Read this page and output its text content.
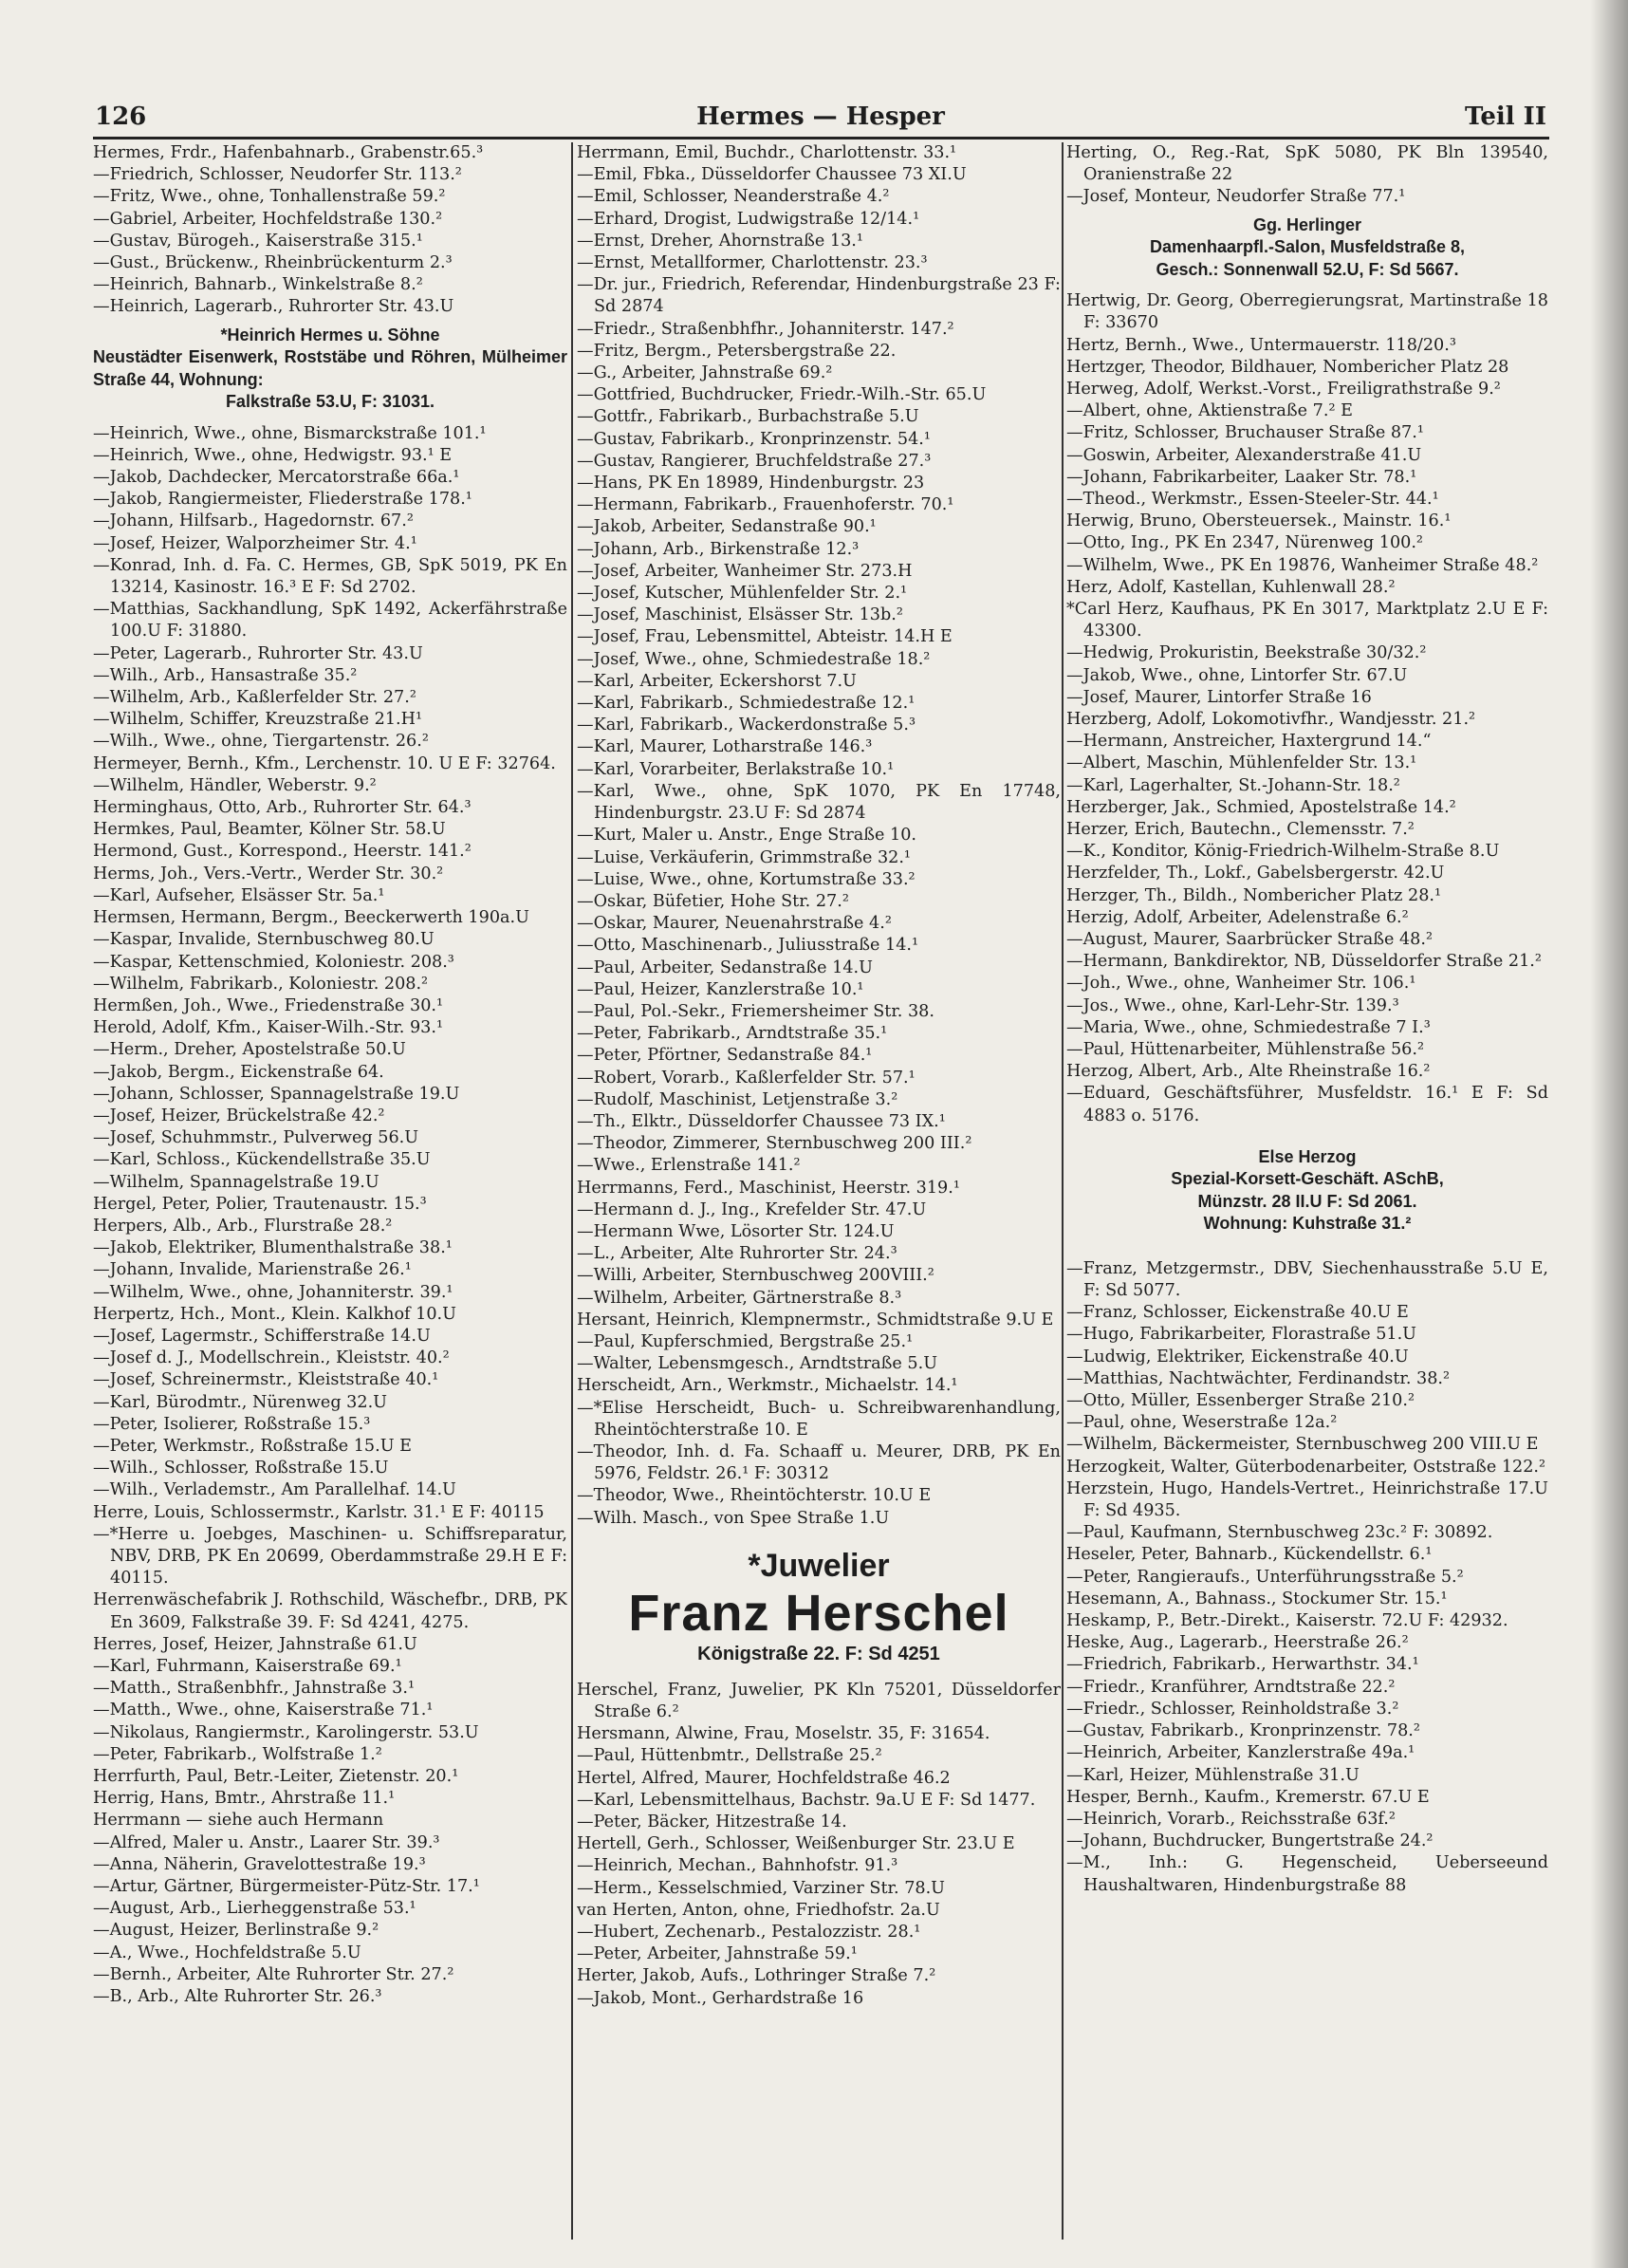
126	Hermes — Hesper	Teil II

Hermes, Frdr., Hafenbahnarb., Grabenstr.65.³

—Friedrich, Schlosser, Neudorfer Str. 113.²

—Fritz, Wwe., ohne, Tonhallenstraße 59.²

—Gabriel, Arbeiter, Hochfeldstraße 130.²

—Gustav, Bürogeh., Kaiserstraße 315.¹

—Gust., Brückenw., Rheinbrückenturm 2.³

—Heinrich, Bahnarb., Winkelstraße 8.²

—Heinrich, Lagerarb., Ruhrorter Str. 43.U

*Heinrich Hermes u. Söhne

Neustädter Eisenwerk, Roststäbe und Röhren, Mülheimer Straße 44, Wohnung:

Falkstraße 53.U, F: 31031.

—Heinrich, Wwe., ohne, Bismarckstraße 101.¹

—Heinrich, Wwe., ohne, Hedwigstr. 93.¹ E

—Jakob, Dachdecker, Mercatorstraße 66a.¹

—Jakob, Rangiermeister, Fliederstraße 178.¹

—Johann, Hilfsarb., Hagedornstr. 67.²

—Josef, Heizer, Walporzheimer Str. 4.¹

—Konrad, Inh. d. Fa. C. Hermes, GB, SpK 5019, PK En 13214, Kasinostr. 16.³ E F: Sd 2702.

—Matthias, Sackhandlung, SpK 1492, Ackerfährstraße 100.U F: 31880.

—Peter, Lagerarb., Ruhrorter Str. 43.U

—Wilh., Arb., Hansastraße 35.²

—Wilhelm, Arb., Kaßlerfelder Str. 27.²

—Wilhelm, Schiffer, Kreuzstraße 21.H¹

—Wilh., Wwe., ohne, Tiergartenstr. 26.²

Hermeyer, Bernh., Kfm., Lerchenstr. 10. U E F: 32764.

—Wilhelm, Händler, Weberstr. 9.²

Herminghaus, Otto, Arb., Ruhrorter Str. 64.³

Hermkes, Paul, Beamter, Kölner Str. 58.U

Hermond, Gust., Korrespond., Heerstr. 141.²

Herms, Joh., Vers.-Vertr., Werder Str. 30.²

—Karl, Aufseher, Elsässer Str. 5a.¹

Hermsen, Hermann, Bergm., Beeckerwerth 190a.U

—Kaspar, Invalide, Sternbuschweg 80.U

—Kaspar, Kettenschmied, Koloniestr. 208.³

—Wilhelm, Fabrikarb., Koloniestr. 208.²

Hermßen, Joh., Wwe., Friedenstraße 30.¹

Herold, Adolf, Kfm., Kaiser-Wilh.-Str. 93.¹

—Herm., Dreher, Apostelstraße 50.U

—Jakob, Bergm., Eickenstraße 64.

—Johann, Schlosser, Spannagelstraße 19.U

—Josef, Heizer, Brückelstraße 42.²

—Josef, Schuhmmstr., Pulverweg 56.U

—Karl, Schloss., Kückendellstraße 35.U

—Wilhelm, Spannagelstraße 19.U

Hergel, Peter, Polier, Trautenaustr. 15.³

Herpers, Alb., Arb., Flurstraße 28.²

—Jakob, Elektriker, Blumenthalstraße 38.¹

—Johann, Invalide, Marienstraße 26.¹

—Wilhelm, Wwe., ohne, Johanniterstr. 39.¹

Herpertz, Hch., Mont., Klein. Kalkhof 10.U

—Josef, Lagermstr., Schifferstraße 14.U

—Josef d. J., Modellschrein., Kleiststr. 40.²

—Josef, Schreinermstr., Kleiststraße 40.¹

—Karl, Bürodmtr., Nürenweg 32.U

—Peter, Isolierer, Roßstraße 15.³

—Peter, Werkmstr., Roßstraße 15.U E

—Wilh., Schlosser, Roßstraße 15.U

—Wilh., Verlademstr., Am Parallelhaf. 14.U

Herre, Louis, Schlossermstr., Karlstr. 31.¹ E F: 40115

—*Herre u. Joebges, Maschinen- u. Schiffsreparatur, NBV, DRB, PK En 20699, Oberdammstraße 29.H E F: 40115.

Herrenwäschefabrik J. Rothschild, Wäschefbr., DRB, PK En 3609, Falkstraße 39. F: Sd 4241, 4275.

Herres, Josef, Heizer, Jahnstraße 61.U

—Karl, Fuhrmann, Kaiserstraße 69.¹

—Matth., Straßenbhfr., Jahnstraße 3.¹

—Matth., Wwe., ohne, Kaiserstraße 71.¹

—Nikolaus, Rangiermstr., Karolingerstr. 53.U

—Peter, Fabrikarb., Wolfstraße 1.²

Herrfurth, Paul, Betr.-Leiter, Zietenstr. 20.¹

Herrig, Hans, Bmtr., Ahrstraße 11.¹

Herrmann — siehe auch Hermann

—Alfred, Maler u. Anstr., Laarer Str. 39.³

—Anna, Näherin, Gravelottestraße 19.³

—Artur, Gärtner, Bürgermeister-Pütz-Str. 17.¹

—August, Arb., Lierheggenstraße 53.¹

—August, Heizer, Berlinstraße 9.²

—A., Wwe., Hochfeldstraße 5.U

—Bernh., Arbeiter, Alte Ruhrorter Str. 27.²

—B., Arb., Alte Ruhrorter Str. 26.³

Herrmann, Emil, Buchdr., Charlottenstr. 33.¹

—Emil, Fbka., Düsseldorfer Chaussee 73 XI.U

—Emil, Schlosser, Neanderstraße 4.²

—Erhard, Drogist, Ludwigstraße 12/14.¹

—Ernst, Dreher, Ahornstraße 13.¹

—Ernst, Metallformer, Charlottenstr. 23.³

—Dr. jur., Friedrich, Referendar, Hindenburgstraße 23 F: Sd 2874

—Friedr., Straßenbhfhr., Johanniterstr. 147.²

—Fritz, Bergm., Petersbergstraße 22.

—G., Arbeiter, Jahnstraße 69.²

—Gottfried, Buchdrucker, Friedr.-Wilh.-Str. 65.U

—Gottfr., Fabrikarb., Burbachstraße 5.U

—Gustav, Fabrikarb., Kronprinzenstr. 54.¹

—Gustav, Rangierer, Bruchfeldstraße 27.³

—Hans, PK En 18989, Hindenburgstr. 23

—Hermann, Fabrikarb., Frauenhoferstr. 70.¹

—Jakob, Arbeiter, Sedanstraße 90.¹

—Johann, Arb., Birkenstraße 12.³

—Josef, Arbeiter, Wanheimer Str. 273.H

—Josef, Kutscher, Mühlenfelder Str. 2.¹

—Josef, Maschinist, Elsässer Str. 13b.²

—Josef, Frau, Lebensmittel, Abteistr. 14.H E

—Josef, Wwe., ohne, Schmiedestraße 18.²

—Karl, Arbeiter, Eckershorst 7.U

—Karl, Fabrikarb., Schmiedestraße 12.¹

—Karl, Fabrikarb., Wackerdonstraße 5.³

—Karl, Maurer, Lotharstraße 146.³

—Karl, Vorarbeiter, Berlakstraße 10.¹

—Karl, Wwe., ohne, SpK 1070, PK En 17748, Hindenburgstr. 23.U F: Sd 2874

—Kurt, Maler u. Anstr., Enge Straße 10.

—Luise, Verkäuferin, Grimmstraße 32.¹

—Luise, Wwe., ohne, Kortumstraße 33.²

—Oskar, Büfetier, Hohe Str. 27.²

—Oskar, Maurer, Neuenahrstraße 4.²

—Otto, Maschinenarb., Juliusstraße 14.¹

—Paul, Arbeiter, Sedanstraße 14.U

—Paul, Heizer, Kanzlerstraße 10.¹

—Paul, Pol.-Sekr., Friemersheimer Str. 38.

—Peter, Fabrikarb., Arndtstraße 35.¹

—Peter, Pförtner, Sedanstraße 84.¹

—Robert, Vorarb., Kaßlerfelder Str. 57.¹

—Rudolf, Maschinist, Letjenstraße 3.²

—Th., Elktr., Düsseldorfer Chaussee 73 IX.¹

—Theodor, Zimmerer, Sternbuschweg 200 III.²

—Wwe., Erlenstraße 141.²

Herrmanns, Ferd., Maschinist, Heerstr. 319.¹

—Hermann d. J., Ing., Krefelder Str. 47.U

—Hermann Wwe, Lösorter Str. 124.U

—L., Arbeiter, Alte Ruhrorter Str. 24.³

—Willi, Arbeiter, Sternbuschweg 200VIII.²

—Wilhelm, Arbeiter, Gärtnerstraße 8.³

Hersant, Heinrich, Klempnermstr., Schmidtstraße 9.U E

—Paul, Kupferschmied, Bergstraße 25.¹

—Walter, Lebensmgesch., Arndtstraße 5.U

Herscheidt, Arn., Werkmstr., Michaelstr. 14.¹

—*Elise Herscheidt, Buch- u. Schreibwarenhandlung, Rheintöchterstraße 10. E

—Theodor, Inh. d. Fa. Schaaff u. Meurer, DRB, PK En 5976, Feldstr. 26.¹ F: 30312

—Theodor, Wwe., Rheintöchterstr. 10.U E

—Wilh. Masch., von Spee Straße 1.U

*Juwelier
Franz Herschel
Königstraße 22. F: Sd 4251

Herschel, Franz, Juwelier, PK Kln 75201, Düsseldorfer Straße 6.²

Hersmann, Alwine, Frau, Moselstr. 35, F: 31654.

—Paul, Hüttenbmtr., Dellstraße 25.²

Hertel, Alfred, Maurer, Hochfeldstraße 46.2

—Karl, Lebensmittelhaus, Bachstr. 9a.U E F: Sd 1477.

—Peter, Bäcker, Hitzestraße 14.

Hertell, Gerh., Schlosser, Weißenburger Str. 23.U E

—Heinrich, Mechan., Bahnhofstr. 91.³

—Herm., Kesselschmied, Varziner Str. 78.U

van Herten, Anton, ohne, Friedhofstr. 2a.U

—Hubert, Zechenarb., Pestalozzistr. 28.¹

—Peter, Arbeiter, Jahnstraße 59.¹

Herter, Jakob, Aufs., Lothringer Straße 7.²

—Jakob, Mont., Gerhardstraße 16

Herting, O., Reg.-Rat, SpK 5080, PK Bln 139540, Oranienstraße 22

—Josef, Monteur, Neudorfer Straße 77.¹

Gg. Herlinger

Damenhaarpfl.-Salon, Musfeldstraße 8,

Gesch.: Sonnenwall 52.U, F: Sd 5667.

Hertwig, Dr. Georg, Oberregierungsrat, Martinstraße 18 F: 33670

Hertz, Bernh., Wwe., Untermauerstr. 118/20.³

Hertzger, Theodor, Bildhauer, Nombericher Platz 28

Herweg, Adolf, Werkst.-Vorst., Freiligrathstraße 9.²

—Albert, ohne, Aktienstraße 7.² E

—Fritz, Schlosser, Bruchauser Straße 87.¹

—Goswin, Arbeiter, Alexanderstraße 41.U

—Johann, Fabrikarbeiter, Laaker Str. 78.¹

—Theod., Werkmstr., Essen-Steeler-Str. 44.¹

Herwig, Bruno, Obersteuersek., Mainstr. 16.¹

—Otto, Ing., PK En 2347, Nürenweg 100.²

—Wilhelm, Wwe., PK En 19876, Wanheimer Straße 48.²

Herz, Adolf, Kastellan, Kuhlenwall 28.²

*Carl Herz, Kaufhaus, PK En 3017, Marktplatz 2.U E F: 43300.

—Hedwig, Prokuristin, Beekstraße 30/32.²

—Jakob, Wwe., ohne, Lintorfer Str. 67.U

—Josef, Maurer, Lintorfer Straße 16

Herzberg, Adolf, Lokomotivfhr., Wandjesstr. 21.²

—Hermann, Anstreicher, Haxtergrund 14.“

—Albert, Maschin, Mühlenfelder Str. 13.¹

—Karl, Lagerhalter, St.-Johann-Str. 18.²

Herzberger, Jak., Schmied, Apostelstraße 14.²

Herzer, Erich, Bautechn., Clemensstr. 7.²

—K., Konditor, König-Friedrich-Wilhelm-Straße 8.U

Herzfelder, Th., Lokf., Gabelsbergerstr. 42.U

Herzger, Th., Bildh., Nombericher Platz 28.¹

Herzig, Adolf, Arbeiter, Adelenstraße 6.²

—August, Maurer, Saarbrücker Straße 48.²

—Hermann, Bankdirektor, NB, Düsseldorfer Straße 21.²

—Joh., Wwe., ohne, Wanheimer Str. 106.¹

—Jos., Wwe., ohne, Karl-Lehr-Str. 139.³

—Maria, Wwe., ohne, Schmiedestraße 7 I.³

—Paul, Hüttenarbeiter, Mühlenstraße 56.²

Herzog, Albert, Arb., Alte Rheinstraße 16.²

—Eduard, Geschäftsführer, Musfeldstr. 16.¹ E F: Sd 4883 o. 5176.

Else Herzog

Spezial-Korsett-Geschäft. ASchB,

Münzstr. 28 II.U F: Sd 2061.

Wohnung: Kuhstraße 31.²

—Franz, Metzgermstr., DBV, Siechenhausstraße 5.U E, F: Sd 5077.

—Franz, Schlosser, Eickenstraße 40.U E

—Hugo, Fabrikarbeiter, Florastraße 51.U

—Ludwig, Elektriker, Eickenstraße 40.U

—Matthias, Nachtwächter, Ferdinandstr. 38.²

—Otto, Müller, Essenberger Straße 210.²

—Paul, ohne, Weserstraße 12a.²

—Wilhelm, Bäckermeister, Sternbuschweg 200 VIII.U E

Herzogkeit, Walter, Güterbodenarbeiter, Oststraße 122.²

Herzstein, Hugo, Handels-Vertret., Heinrichstraße 17.U F: Sd 4935.

—Paul, Kaufmann, Sternbuschweg 23c.² F: 30892.

Heseler, Peter, Bahnarb., Kückendellstr. 6.¹

—Peter, Rangieraufs., Unterführungsstraße 5.²

Hesemann, A., Bahnass., Stockumer Str. 15.¹

Heskamp, P., Betr.-Direkt., Kaiserstr. 72.U F: 42932.

Heske, Aug., Lagerarb., Heerstraße 26.²

—Friedrich, Fabrikarb., Herwarthstr. 34.¹

—Friedr., Kranführer, Arndtstraße 22.²

—Friedr., Schlosser, Reinholdstraße 3.²

—Gustav, Fabrikarb., Kronprinzenstr. 78.²

—Heinrich, Arbeiter, Kanzlerstraße 49a.¹

—Karl, Heizer, Mühlenstraße 31.U

Hesper, Bernh., Kaufm., Kremerstr. 67.U E

—Heinrich, Vorarb., Reichsstraße 63f.²

—Johann, Buchdrucker, Bungertstraße 24.²

—M., Inh.: G. Hegenscheid, Ueberseeund Haushaltwaren, Hindenburgstraße 88
